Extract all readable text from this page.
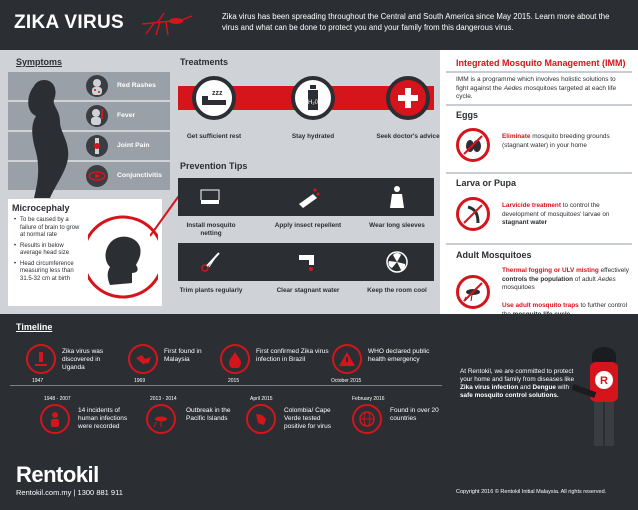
ZIKA VIRUS	Zika virus has been spreading throughout the Central and South America since May 2015. Learn more about the virus and what can be done to protect you and your family from this dangerous virus.
Symptoms
Red Rashes
Fever
Joint Pain
Conjunctivitis
• To be caused by a failure of brain to grow at normal rate
• Results in below average head size
• Head circumference measuring less than 31.5-32 cm at birth
Microcephaly
Treatments
zzz
H₂0
Get sufficient rest	Stay hydrated	Seek doctor's advice
Prevention Tips
Install mosquito netting
Apply insect repellent	Wear long sleeves
Trim plants regularly	Clear stagnant water	Keep the room cool
Integrated Mosquito Management (IMM)
IMM is a programme which involves holistic solutions to fight against the Aedes mosquitoes targeted at each life cycle.
Eggs
Eliminate mosquito breeding grounds
(stagnant water) in your home
Larva or Pupa
Larvicide treatment to control the development of mosquitoes' larvae on stagnant water
Adult Mosquitoes
Thermal fogging or ULV misting effectively controls the population of adult Aedes mosquitoes
Use adult mosquito traps to further control
Timeline
Zika virus was discovered in Uganda
1947
First found in Malaysia
1969
First confirmed Zika virus infection in Brazil
2015
WHO declared public health emergency
October 2015
1948 - 2007
14 incidents of human infections were recorded
2013 - 2014
Outbreak in the Pacific Islands
April 2015
Colombia/ Cape Verde tested positive for virus
February 2016
Found in over 20 countries
At Rentokil, we are committed to protect your home and family from diseases like Zika virus infection and Dengue with safe mosquito control solutions.
R
Rentokil
Rentokil.com.my | 1300 881 911	Copyright 2016 © Rentokil Initial Malaysia. All rights reserved.
